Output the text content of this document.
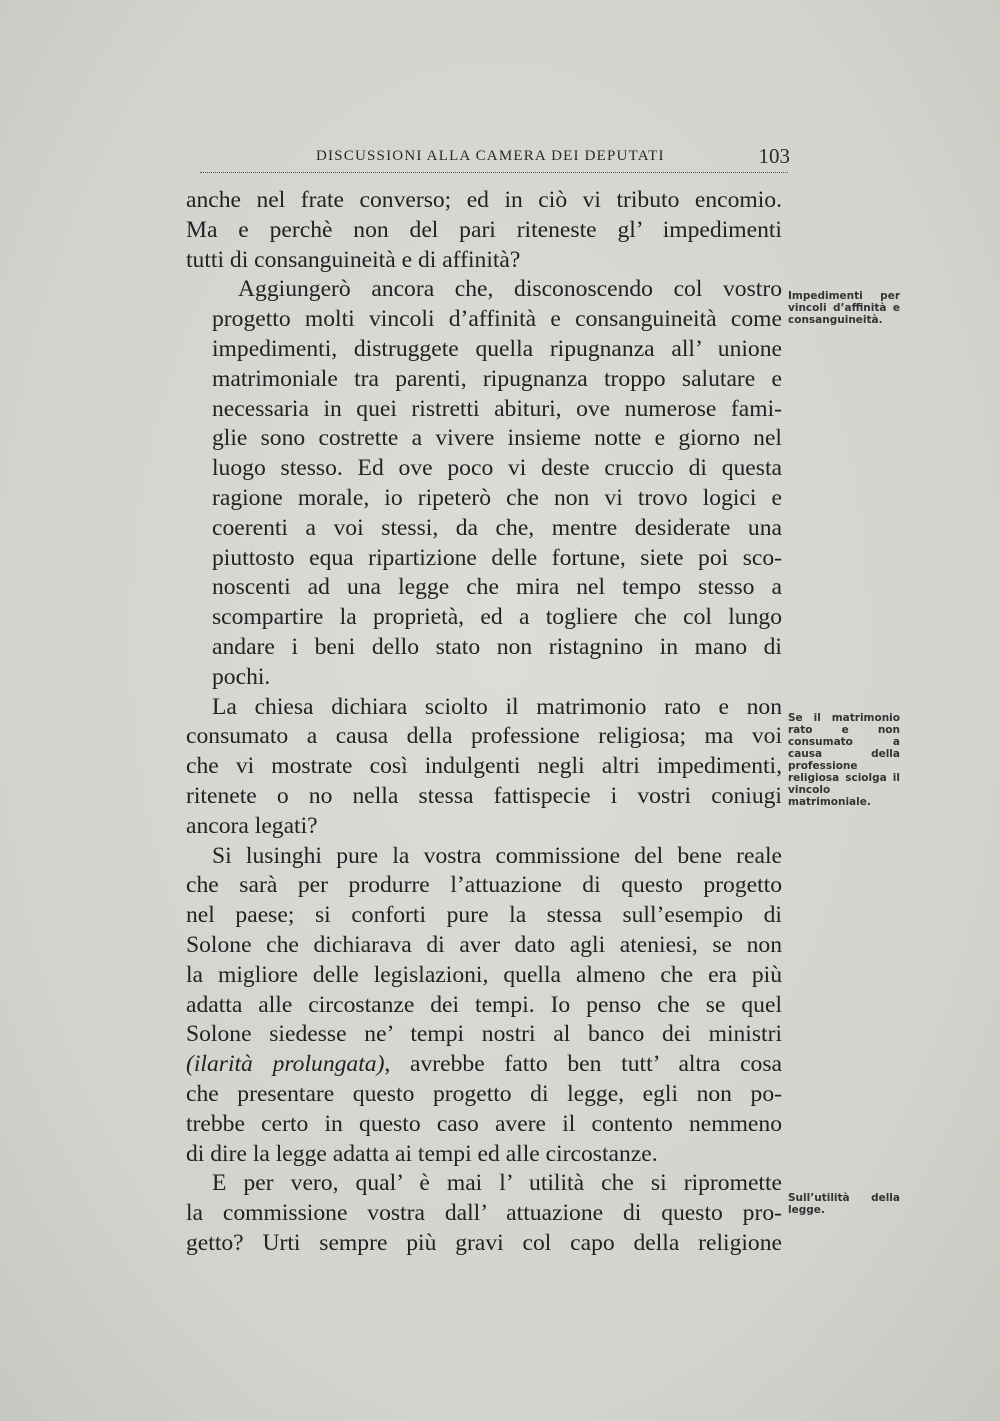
DISCUSSIONI ALLA CAMERA DEI DEPUTATI	103

anche nel frate converso; ed in ciò vi tributo encomio.
Ma e perchè non del pari riteneste gl’ impedimenti
tutti di consanguineità e di affinità?

Aggiungerò ancora che, disconoscendo col vostro
progetto molti vincoli d’affinità e consanguineità come
impedimenti, distruggete quella ripugnanza all’ unione
matrimoniale tra parenti, ripugnanza troppo salutare e
necessaria in quei ristretti abituri, ove numerose fami-
glie sono costrette a vivere insieme notte e giorno nel
luogo stesso. Ed ove poco vi deste cruccio di questa
ragione morale, io ripeterò che non vi trovo logici e
coerenti a voi stessi, da che, mentre desiderate una
piuttosto equa ripartizione delle fortune, siete poi sco-
noscenti ad una legge che mira nel tempo stesso a
scompartire la proprietà, ed a togliere che col lungo
andare i beni dello stato non ristagnino in mano di
pochi.

La chiesa dichiara sciolto il matrimonio rato e non
consumato a causa della professione religiosa; ma voi
che vi mostrate così indulgenti negli altri impedimenti,
ritenete o no nella stessa fattispecie i vostri coniugi
ancora legati?

Si lusinghi pure la vostra commissione del bene reale
che sarà per produrre l’attuazione di questo progetto
nel paese; si conforti pure la stessa sull’esempio di
Solone che dichiarava di aver dato agli ateniesi, se non
la migliore delle legislazioni, quella almeno che era più
adatta alle circostanze dei tempi. Io penso che se quel
Solone siedesse ne’ tempi nostri al banco dei ministri
(ilarità prolungata), avrebbe fatto ben tutt’ altra cosa
che presentare questo progetto di legge, egli non po-
trebbe certo in questo caso avere il contento nemmeno
di dire la legge adatta ai tempi ed alle circostanze.

E per vero, qual’ è mai l’ utilità che si ripromette
la commissione vostra dall’ attuazione di questo pro-
getto? Urti sempre più gravi col capo della religione

Impedimenti per vincoli d’affinità e consanguineità.
Se il matrimonio rato e non consumato a causa della professione religiosa sciolga il vincolo matrimoniale.
Sull’utilità della legge.
